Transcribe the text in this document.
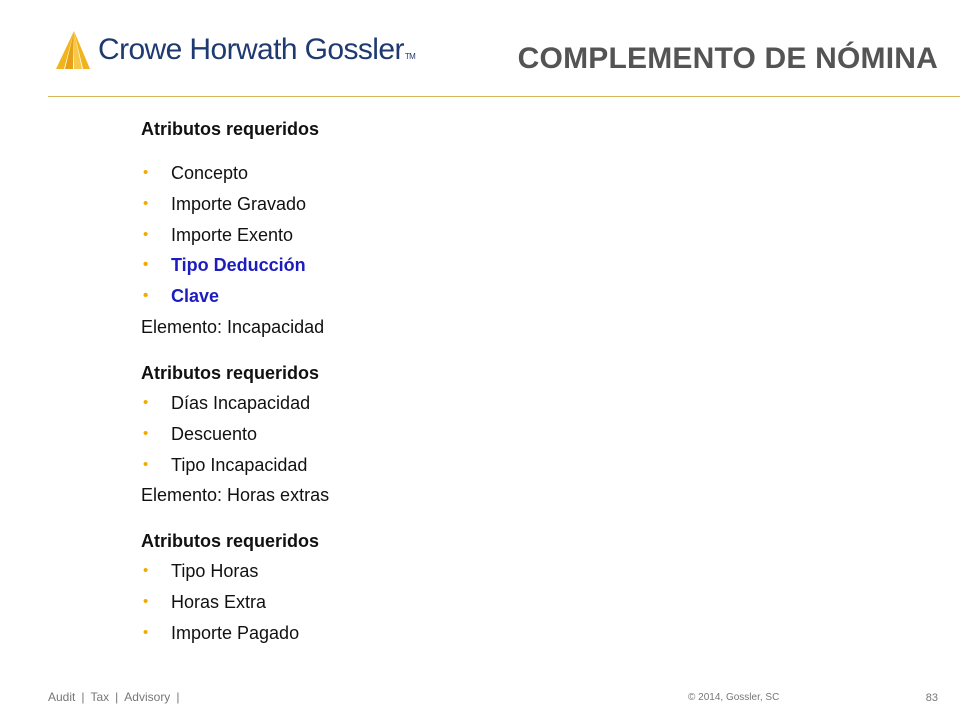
Crowe Horwath GosslerTM	COMPLEMENTO DE NÓMINA

Atributos requeridos

• Concepto
• Importe Gravado
• Importe Exento
• Tipo Deducción
• Clave

Elemento: Incapacidad

Atributos requeridos

• Días Incapacidad
• Descuento
• Tipo Incapacidad

Elemento: Horas extras

Atributos requeridos

• Tipo Horas
• Horas Extra
• Importe Pagado
Audit | Tax | Advisory |	© 2014, Gossler, SC	83
